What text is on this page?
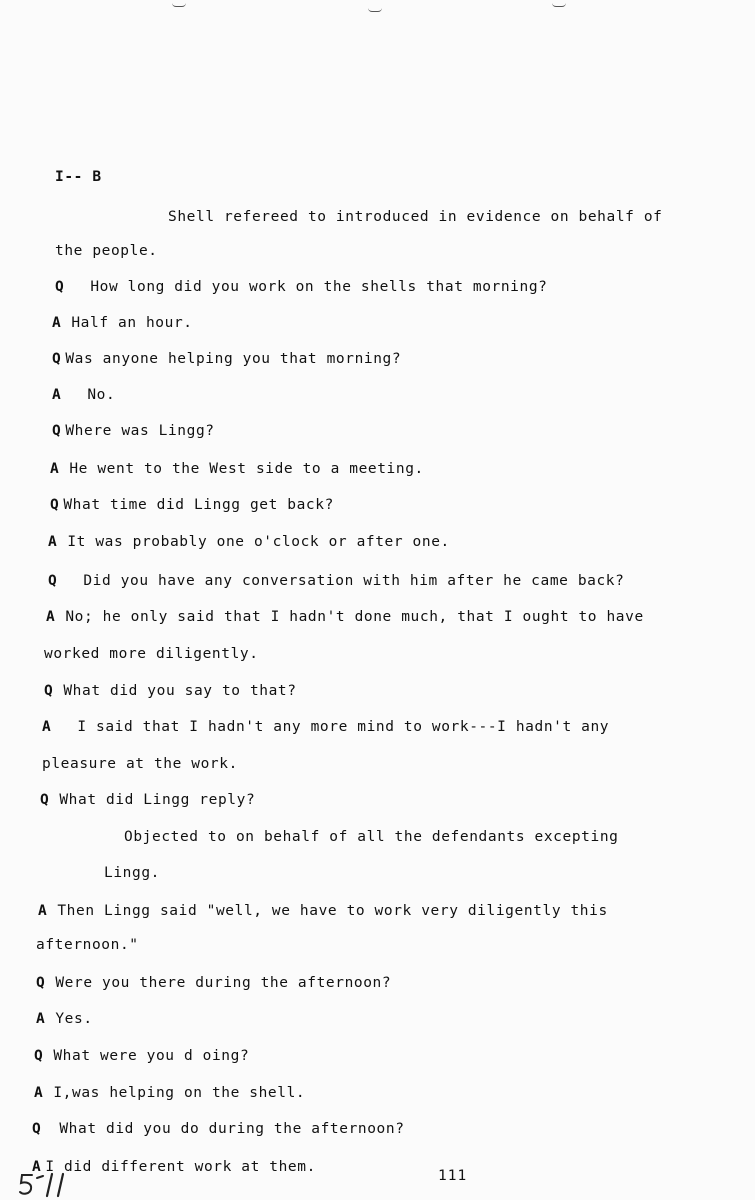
I-- B
Shell refereed to introduced in evidence on behalf of
the people.
Q How long did you work on the shells that morning?
A Half an hour.
Q Was anyone helping you that morning?
A No.
Q Where was Lingg?
A He went to the West side to a meeting.
Q What time did Lingg get back?
A It was probably one o'clock or after one.
Q Did you have any conversation with him after he came back?
A No; he only said that I hadn't done much, that I ought to have
worked more diligently.
Q What did you say to that?
A I said that I hadn't any more mind to work---I hadn't any
pleasure at the work.
Q What did Lingg reply?
Objected to on behalf of all the defendants excepting
Lingg.
A Then Lingg said "well, we have to work very diligently this
afternoon."
Q Were you there during the afternoon?
A Yes.
Q What were you d oing?
A I,was helping on the shell.
Q What did you do during the afternoon?
A I did different work at them.
111
